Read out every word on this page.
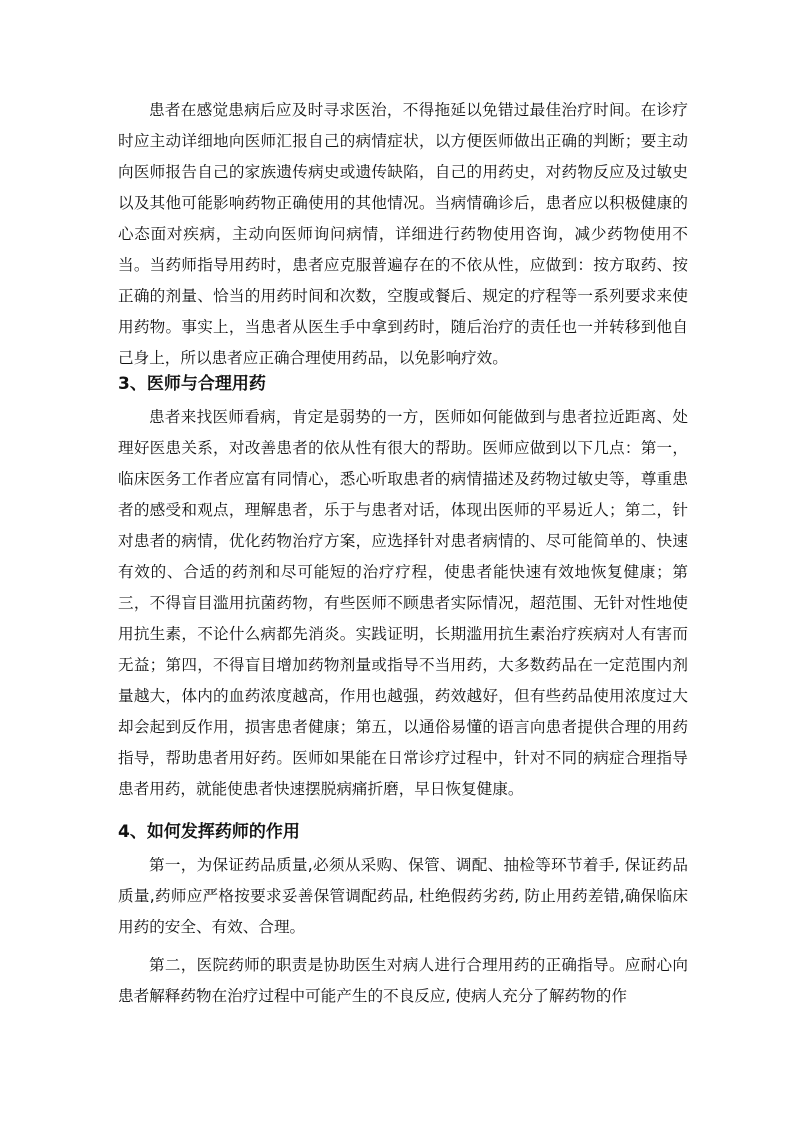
患者在感觉患病后应及时寻求医治，不得拖延以免错过最佳治疗时间。在诊疗时应主动详细地向医师汇报自己的病情症状，以方便医师做出正确的判断；要主动向医师报告自己的家族遗传病史或遗传缺陷，自己的用药史，对药物反应及过敏史以及其他可能影响药物正确使用的其他情况。当病情确诊后，患者应以积极健康的心态面对疾病，主动向医师询问病情，详细进行药物使用咨询，减少药物使用不当。当药师指导用药时，患者应克服普遍存在的不依从性，应做到：按方取药、按正确的剂量、恰当的用药时间和次数，空腹或餐后、规定的疗程等一系列要求来使用药物。事实上，当患者从医生手中拿到药时，随后治疗的责任也一并转移到他自己身上，所以患者应正确合理使用药品，以免影响疗效。

3、医师与合理用药

患者来找医师看病，肯定是弱势的一方，医师如何能做到与患者拉近距离、处理好医患关系，对改善患者的依从性有很大的帮助。医师应做到以下几点：第一，临床医务工作者应富有同情心，悉心听取患者的病情描述及药物过敏史等，尊重患者的感受和观点，理解患者，乐于与患者对话，体现出医师的平易近人；第二，针对患者的病情，优化药物治疗方案，应选择针对患者病情的、尽可能简单的、快速有效的、合适的药剂和尽可能短的治疗疗程，使患者能快速有效地恢复健康；第三，不得盲目滥用抗菌药物，有些医师不顾患者实际情况，超范围、无针对性地使用抗生素，不论什么病都先消炎。实践证明，长期滥用抗生素治疗疾病对人有害而无益；第四，不得盲目增加药物剂量或指导不当用药，大多数药品在一定范围内剂量越大，体内的血药浓度越高，作用也越强，药效越好，但有些药品使用浓度过大却会起到反作用，损害患者健康；第五，以通俗易懂的语言向患者提供合理的用药指导，帮助患者用好药。医师如果能在日常诊疗过程中，针对不同的病症合理指导患者用药，就能使患者快速摆脱病痛折磨，早日恢复健康。

4、如何发挥药师的作用

第一，为保证药品质量,必须从采购、保管、调配、抽检等环节着手, 保证药品质量,药师应严格按要求妥善保管调配药品, 杜绝假药劣药, 防止用药差错,确保临床用药的安全、有效、合理。

第二，医院药师的职责是协助医生对病人进行合理用药的正确指导。应耐心向患者解释药物在治疗过程中可能产生的不良反应, 使病人充分了解药物的作
